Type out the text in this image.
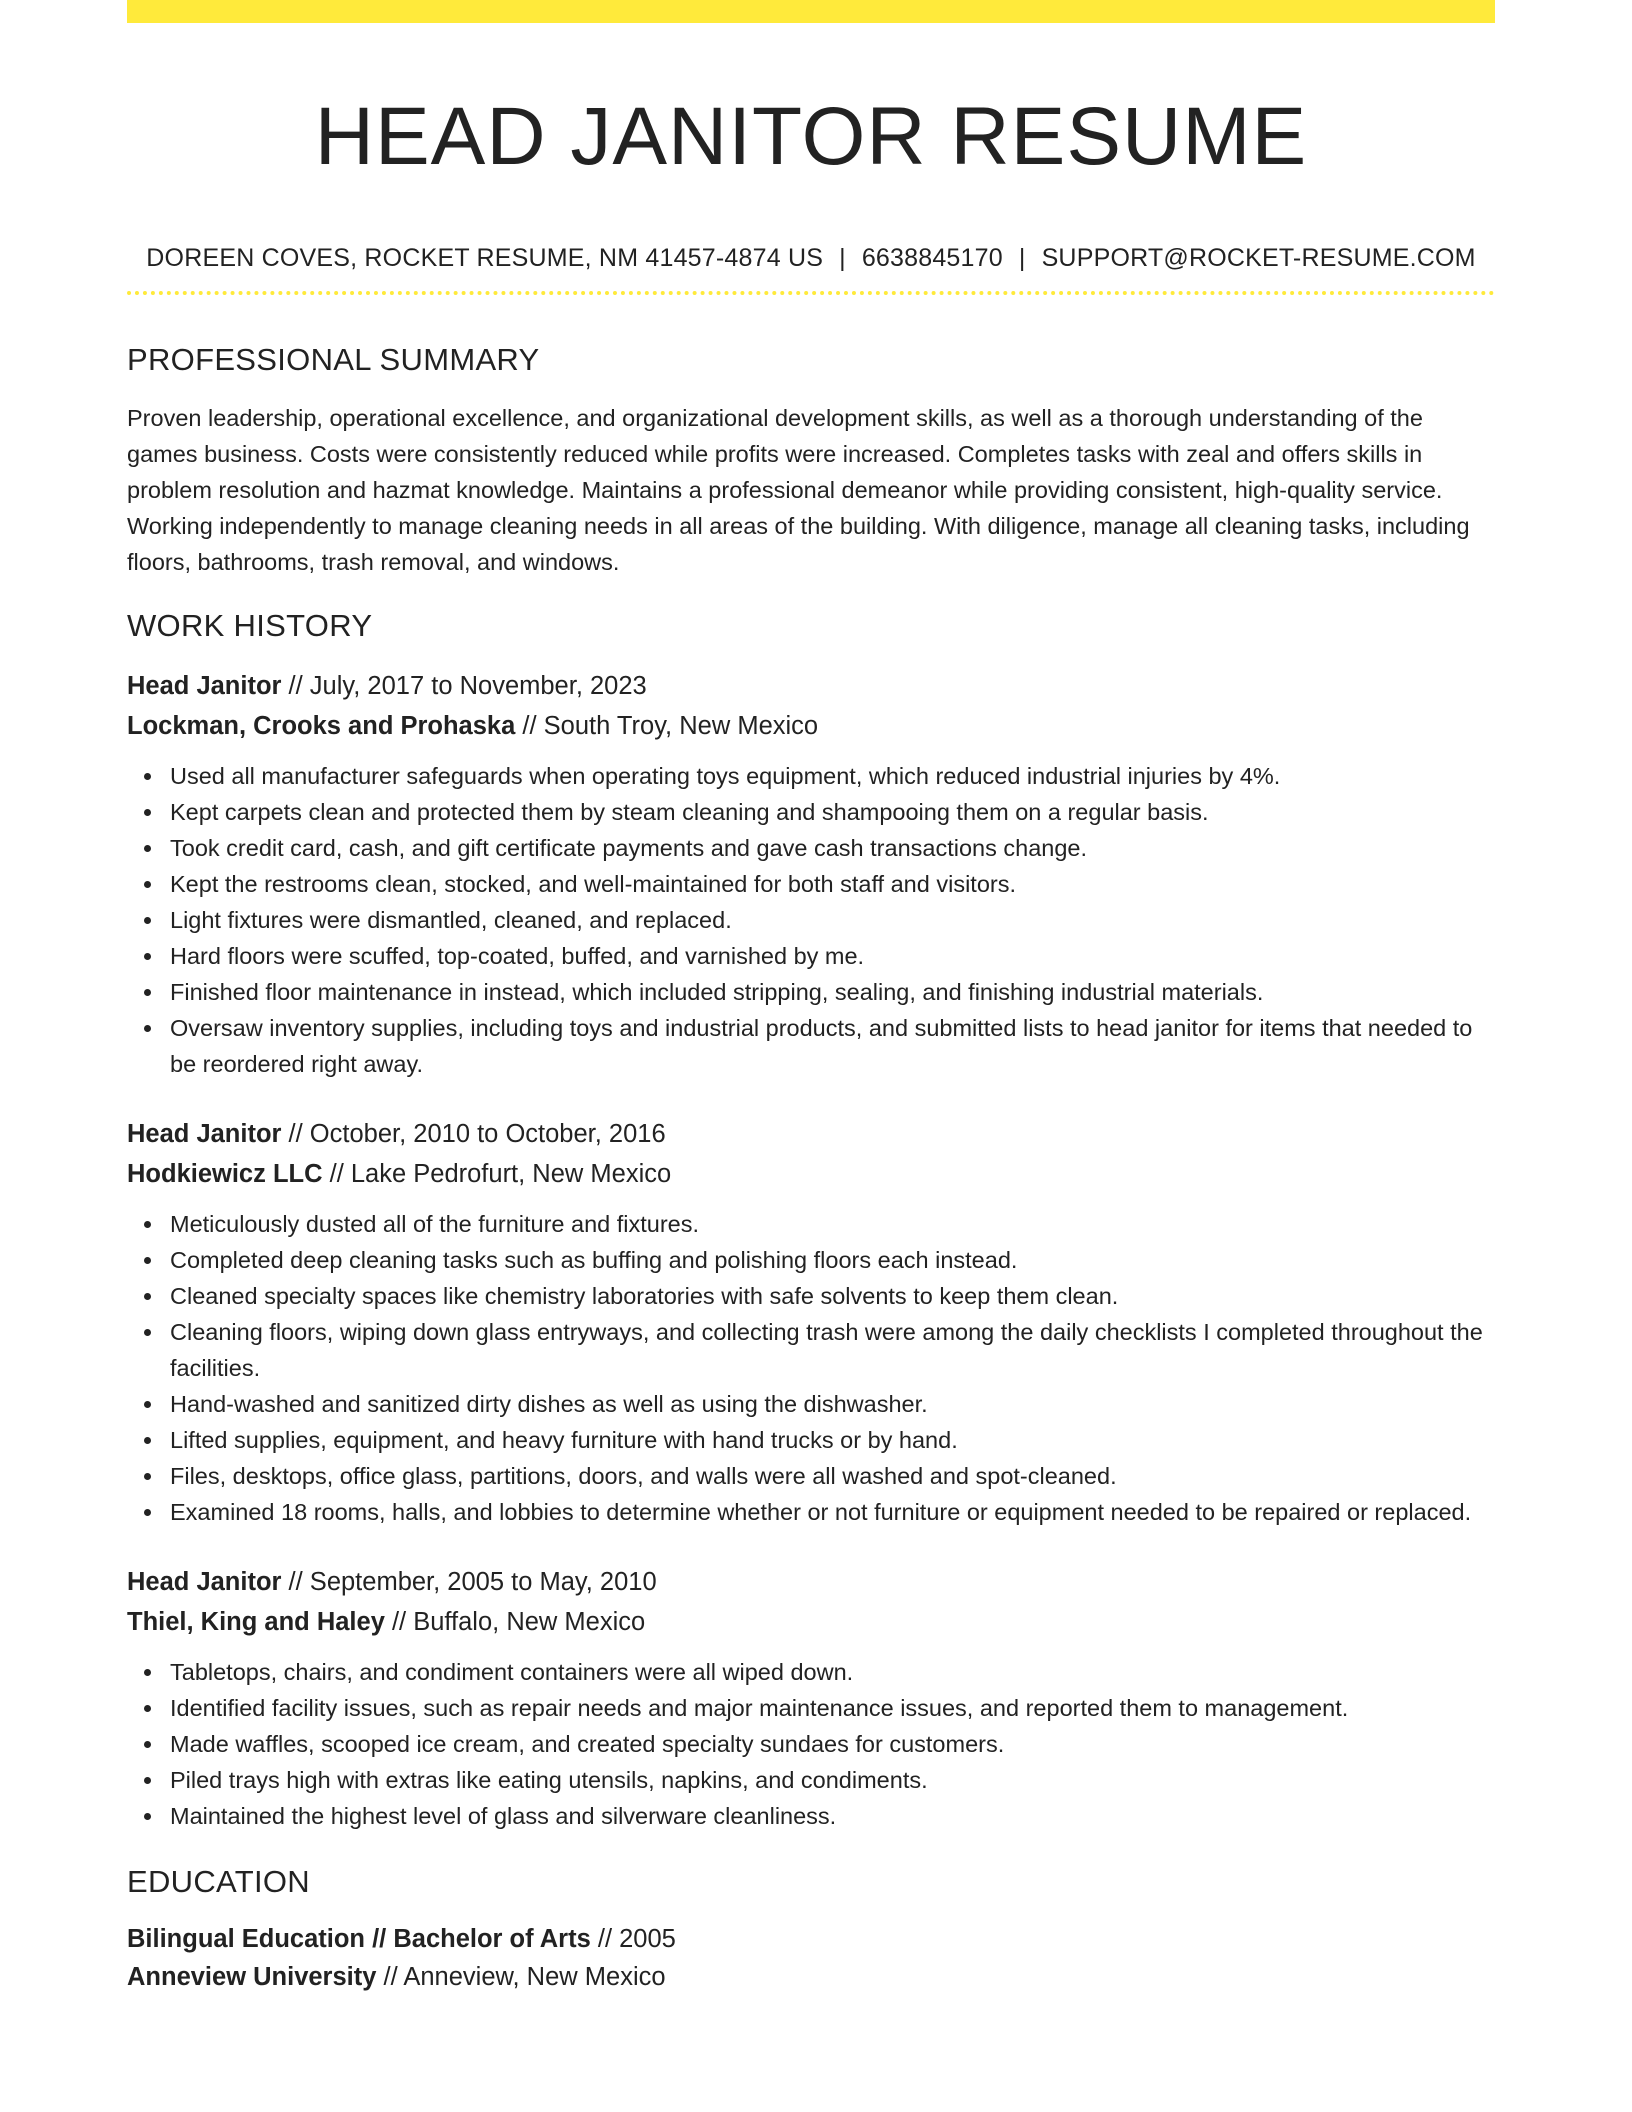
HEAD JANITOR RESUME
DOREEN COVES, ROCKET RESUME, NM 41457-4874 US | 6638845170 | SUPPORT@ROCKET-RESUME.COM
PROFESSIONAL SUMMARY
Proven leadership, operational excellence, and organizational development skills, as well as a thorough understanding of the games business. Costs were consistently reduced while profits were increased. Completes tasks with zeal and offers skills in problem resolution and hazmat knowledge. Maintains a professional demeanor while providing consistent, high-quality service. Working independently to manage cleaning needs in all areas of the building. With diligence, manage all cleaning tasks, including floors, bathrooms, trash removal, and windows.
WORK HISTORY
Head Janitor // July, 2017 to November, 2023
Lockman, Crooks and Prohaska // South Troy, New Mexico
Used all manufacturer safeguards when operating toys equipment, which reduced industrial injuries by 4%.
Kept carpets clean and protected them by steam cleaning and shampooing them on a regular basis.
Took credit card, cash, and gift certificate payments and gave cash transactions change.
Kept the restrooms clean, stocked, and well-maintained for both staff and visitors.
Light fixtures were dismantled, cleaned, and replaced.
Hard floors were scuffed, top-coated, buffed, and varnished by me.
Finished floor maintenance in instead, which included stripping, sealing, and finishing industrial materials.
Oversaw inventory supplies, including toys and industrial products, and submitted lists to head janitor for items that needed to be reordered right away.
Head Janitor // October, 2010 to October, 2016
Hodkiewicz LLC // Lake Pedrofurt, New Mexico
Meticulously dusted all of the furniture and fixtures.
Completed deep cleaning tasks such as buffing and polishing floors each instead.
Cleaned specialty spaces like chemistry laboratories with safe solvents to keep them clean.
Cleaning floors, wiping down glass entryways, and collecting trash were among the daily checklists I completed throughout the facilities.
Hand-washed and sanitized dirty dishes as well as using the dishwasher.
Lifted supplies, equipment, and heavy furniture with hand trucks or by hand.
Files, desktops, office glass, partitions, doors, and walls were all washed and spot-cleaned.
Examined 18 rooms, halls, and lobbies to determine whether or not furniture or equipment needed to be repaired or replaced.
Head Janitor // September, 2005 to May, 2010
Thiel, King and Haley // Buffalo, New Mexico
Tabletops, chairs, and condiment containers were all wiped down.
Identified facility issues, such as repair needs and major maintenance issues, and reported them to management.
Made waffles, scooped ice cream, and created specialty sundaes for customers.
Piled trays high with extras like eating utensils, napkins, and condiments.
Maintained the highest level of glass and silverware cleanliness.
EDUCATION
Bilingual Education // Bachelor of Arts // 2005
Anneview University // Anneview, New Mexico
